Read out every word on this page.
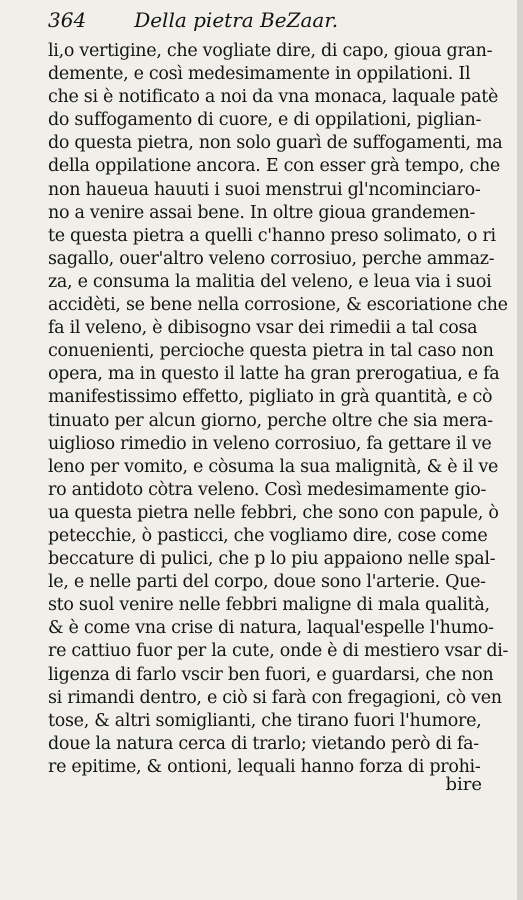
364 Della pietra BeZaar.
li,o vertigine, che vogliate dire, di capo, gioua gran-
demente, e così medesimamente in oppilationi. Il
che si è notificato a noi da vna monaca, laquale patè
do suffogamento di cuore, e di oppilationi, piglian-
do questa pietra, non solo guarì de suffogamenti, ma
della oppilatione ancora. E con esser grà tempo, che
non haueua hauuti i suoi menstrui gl'ncominciaro-
no a venire assai bene. In oltre gioua grandemen-
te questa pietra a quelli c'hanno preso solimato, o ri
sagallo, ouer'altro veleno corrosiuo, perche ammaz-
za, e consuma la malitia del veleno, e leua via i suoi
accidèti, se bene nella corrosione, & escoriatione che
fa il veleno, è dibisogno vsar dei rimedii a tal cosa
conuenienti, percioche questa pietra in tal caso non
opera, ma in questo il latte ha gran prerogatiua, e fa
manifestissimo effetto, pigliato in grà quantità, e cò
tinuato per alcun giorno, perche oltre che sia mera-
uiglioso rimedio in veleno corrosiuo, fa gettare il ve
leno per vomito, e còsuma la sua malignità, & è il ve
ro antidoto còtra veleno. Così medesimamente gio-
ua questa pietra nelle febbri, che sono con papule, ò
petecchie, ò pasticci, che vogliamo dire, cose come
beccature di pulici, che p lo piu appaiono nelle spal-
le, e nelle parti del corpo, doue sono l'arterie. Que-
sto suol venire nelle febbri maligne di mala qualità,
& è come vna crise di natura, laqual'espelle l'humo-
re cattiuo fuor per la cute, onde è di mestiero vsar di-
ligenza di farlo vscir ben fuori, e guardarsi, che non
si rimandi dentro, e ciò si farà con fregagioni, cò ven
tose, & altri somiglianti, che tirano fuori l'humore,
doue la natura cerca di trarlo; vietando però di fa-
re epitime, & ontioni, lequali hanno forza di prohi-
bire
